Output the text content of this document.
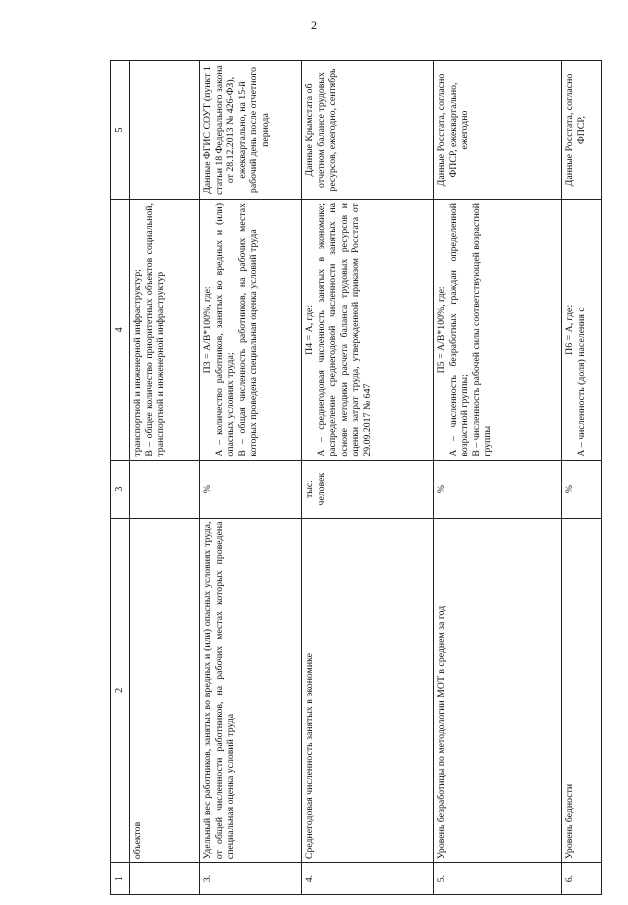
2
1	2	3	4	5
	объектов		транспортной и инженерной инфраструктур; В – общее количество приоритетных объектов социальной, транспортной и инженерной инфраструктур	

3.	Удельный вес работников, занятых во вредных и (или) опасных условиях труда, от общей численности работников, на рабочих местах которых проведена специальная оценка условий труда	%	П3 = А/В*100%, где: А – количество работников, занятых во вредных и (или) опасных условиях труда; В – общая численность работников, на рабочих местах которых проведена специальная оценка условий труда	Данные ФГИС СОУТ (пункт 1 статьи 18 Федерального закона от 28.12.2013 № 426-ФЗ), ежеквартально, на 15-й рабочий день после отчетного периода
4.	Среднегодовая численность занятых в экономике	тыс. человек	П4 = А, где: А – среднегодовая численность занятых в экономике; распределение среднегодовой численности занятых на основе методики расчета баланса трудовых ресурсов и оценки затрат труда, утвержденной приказом Росстата от 29.09.2017 № 647	Данные Крымстата об отчетном балансе трудовых ресурсов, ежегодно, сентябрь
5.	Уровень безработицы по методологии МОТ в среднем за год	%	П5 = А/В*100%, где: А – численность безработных граждан определенной возрастной группы; В – численность рабочей силы соответствующей возрастной группы	Данные Росстата, согласно ФПСР, ежеквартально, ежегодно
6.	Уровень бедности	%	П6 = А, где: А – численность (доля) населения с	Данные Росстата, согласно ФПСР,
